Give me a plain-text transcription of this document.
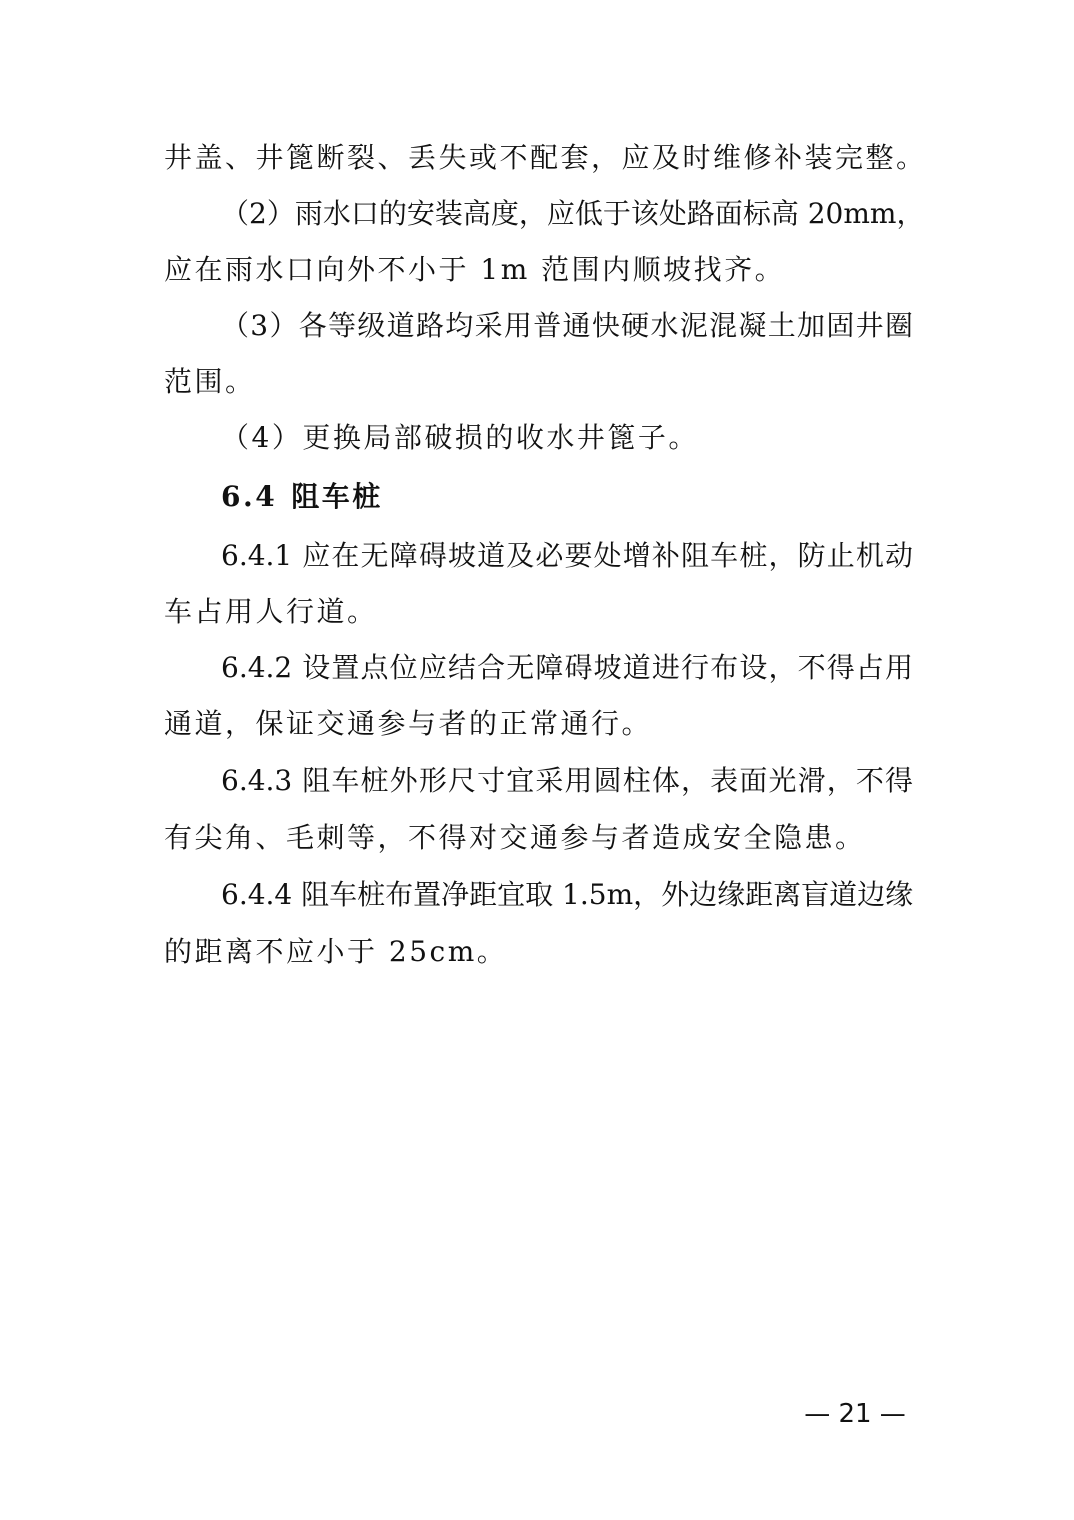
井盖、井篦断裂、丢失或不配套，应及时维修补装完整。
（2）雨水口的安装高度，应低于该处路面标高 20mm，
应在雨水口向外不小于 1m 范围内顺坡找齐。
（3）各等级道路均采用普通快硬水泥混凝土加固井圈
范围。
（4）更换局部破损的收水井篦子。
6.4 阻车桩
6.4.1 应在无障碍坡道及必要处增补阻车桩，防止机动
车占用人行道。
6.4.2 设置点位应结合无障碍坡道进行布设，不得占用
通道，保证交通参与者的正常通行。
6.4.3 阻车桩外形尺寸宜采用圆柱体，表面光滑，不得
有尖角、毛刺等，不得对交通参与者造成安全隐患。
6.4.4 阻车桩布置净距宜取 1.5m，外边缘距离盲道边缘
的距离不应小于 25cm。
— 21 —
